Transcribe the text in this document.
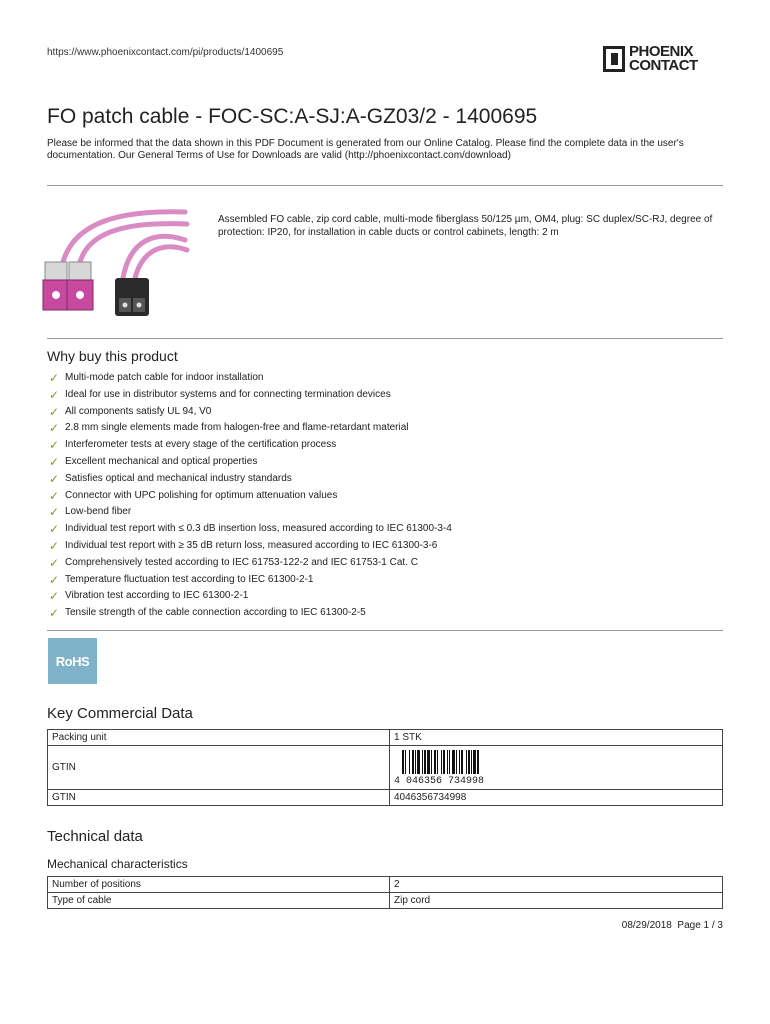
https://www.phoenixcontact.com/pi/products/1400695	PHOENIX
CONTACT
FO patch cable - FOC-SC:A-SJ:A-GZ03/2 - 1400695
Please be informed that the data shown in this PDF Document is generated from our Online Catalog. Please find the complete data in the user's documentation. Our General Terms of Use for Downloads are valid (http://phoenixcontact.com/download)
Assembled FO cable, zip cord cable, multi-mode fiberglass 50/125 µm, OM4, plug: SC duplex/SC-RJ, degree of protection: IP20, for installation in cable ducts or control cabinets, length: 2 m
Why buy this product
✓ Multi-mode patch cable for indoor installation
✓ Ideal for use in distributor systems and for connecting termination devices
✓ All components satisfy UL 94, V0
✓ 2.8 mm single elements made from halogen-free and flame-retardant material
✓ Interferometer tests at every stage of the certification process
✓ Excellent mechanical and optical properties
✓ Satisfies optical and mechanical industry standards
✓ Connector with UPC polishing for optimum attenuation values
✓ Low-bend fiber
✓ Individual test report with ≤ 0.3 dB insertion loss, measured according to IEC 61300-3-4
✓ Individual test report with ≥ 35 dB return loss, measured according to IEC 61300-3-6
✓ Comprehensively tested according to IEC 61753-122-2 and IEC 61753-1 Cat. C
✓ Temperature fluctuation test according to IEC 61300-2-1
✓ Vibration test according to IEC 61300-2-1
✓ Tensile strength of the cable connection according to IEC 61300-2-5
RoHS
Key Commercial Data
Packing unit	1 STK
GTIN	4 046356 734998

GTIN	4046356734998
Technical data
Mechanical characteristics
Number of positions	2
Type of cable	Zip cord
08/29/2018 Page 1 / 3
